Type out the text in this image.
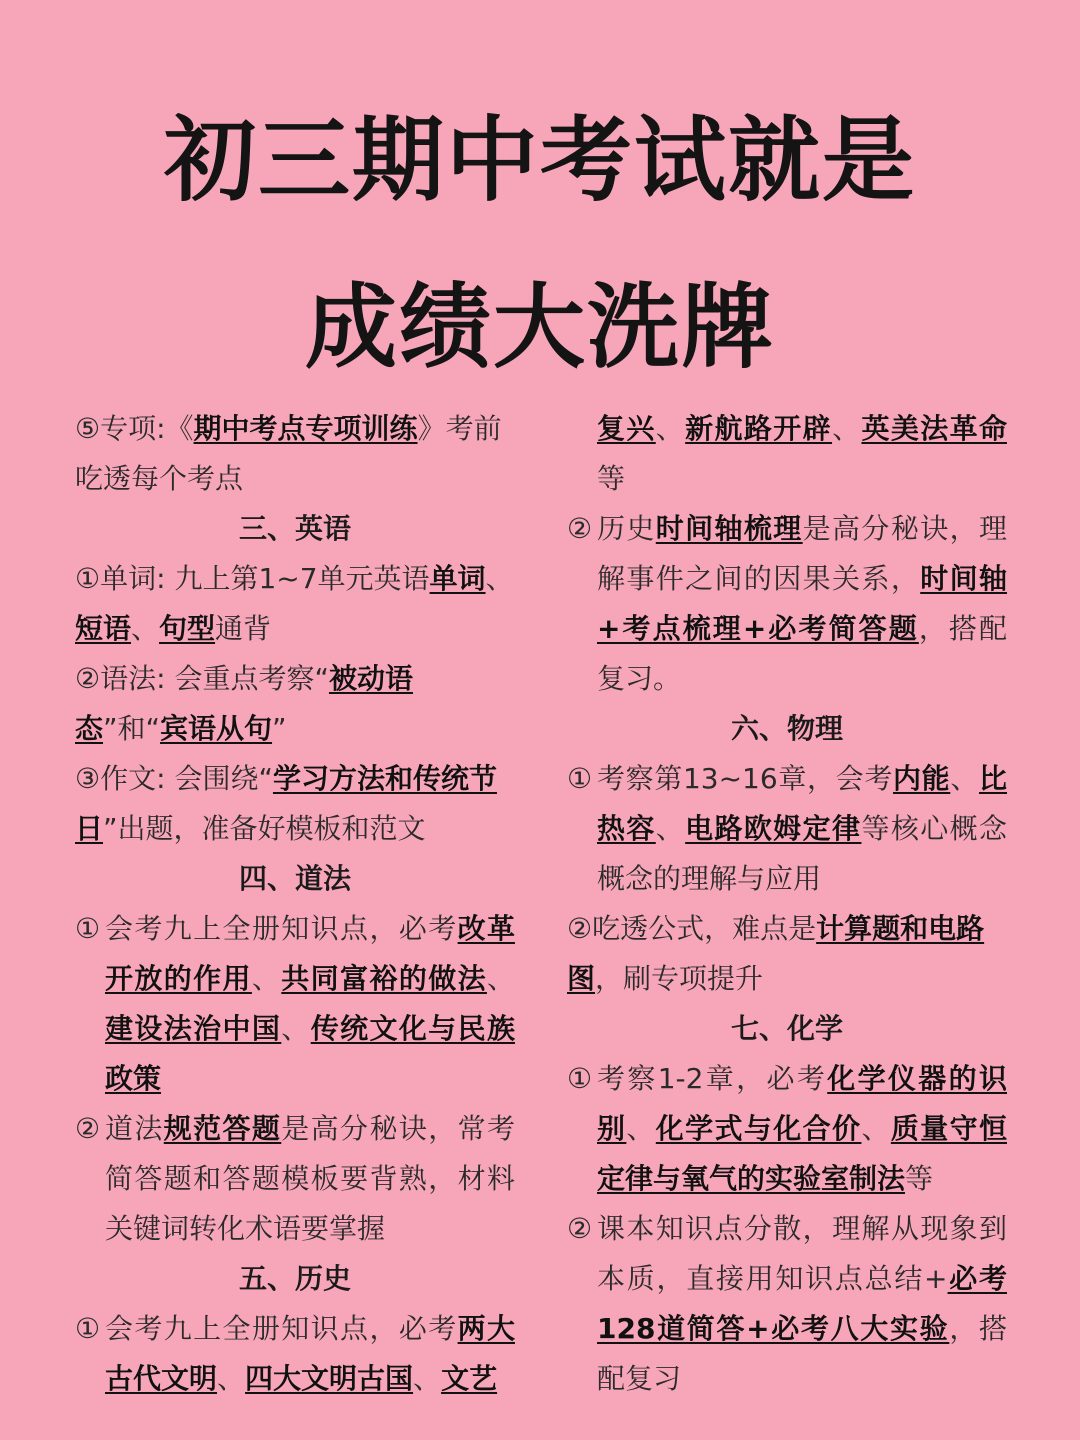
初三期中考试就是
成绩大洗牌
⑤专项:《期中考点专项训练》考前吃透每个考点
三、英语
①单词: 九上第1~7单元英语单词、短语、句型通背
②语法: 会重点考察“被动语态”和“宾语从句”
③作文: 会围绕“学习方法和传统节日”出题，准备好模板和范文
四、道法
① 会考九上全册知识点，必考改革开放的作用、共同富裕的做法、建设法治中国、传统文化与民族政策
② 道法规范答题是高分秘诀，常考简答题和答题模板要背熟，材料关键词转化术语要掌握
五、历史
① 会考九上全册知识点，必考两大古代文明、四大文明古国、文艺
复兴、新航路开辟、英美法革命等
② 历史时间轴梳理是高分秘诀，理解事件之间的因果关系，时间轴+考点梳理+必考简答题，搭配复习。
六、物理
① 考察第13~16章，会考内能、比热容、电路欧姆定律等核心概念概念的理解与应用
②吃透公式，难点是计算题和电路图，刷专项提升
七、化学
① 考察1-2章，必考化学仪器的识别、化学式与化合价、质量守恒定律与氧气的实验室制法等
② 课本知识点分散，理解从现象到本质，直接用知识点总结+必考128道简答+必考八大实验，搭配复习
